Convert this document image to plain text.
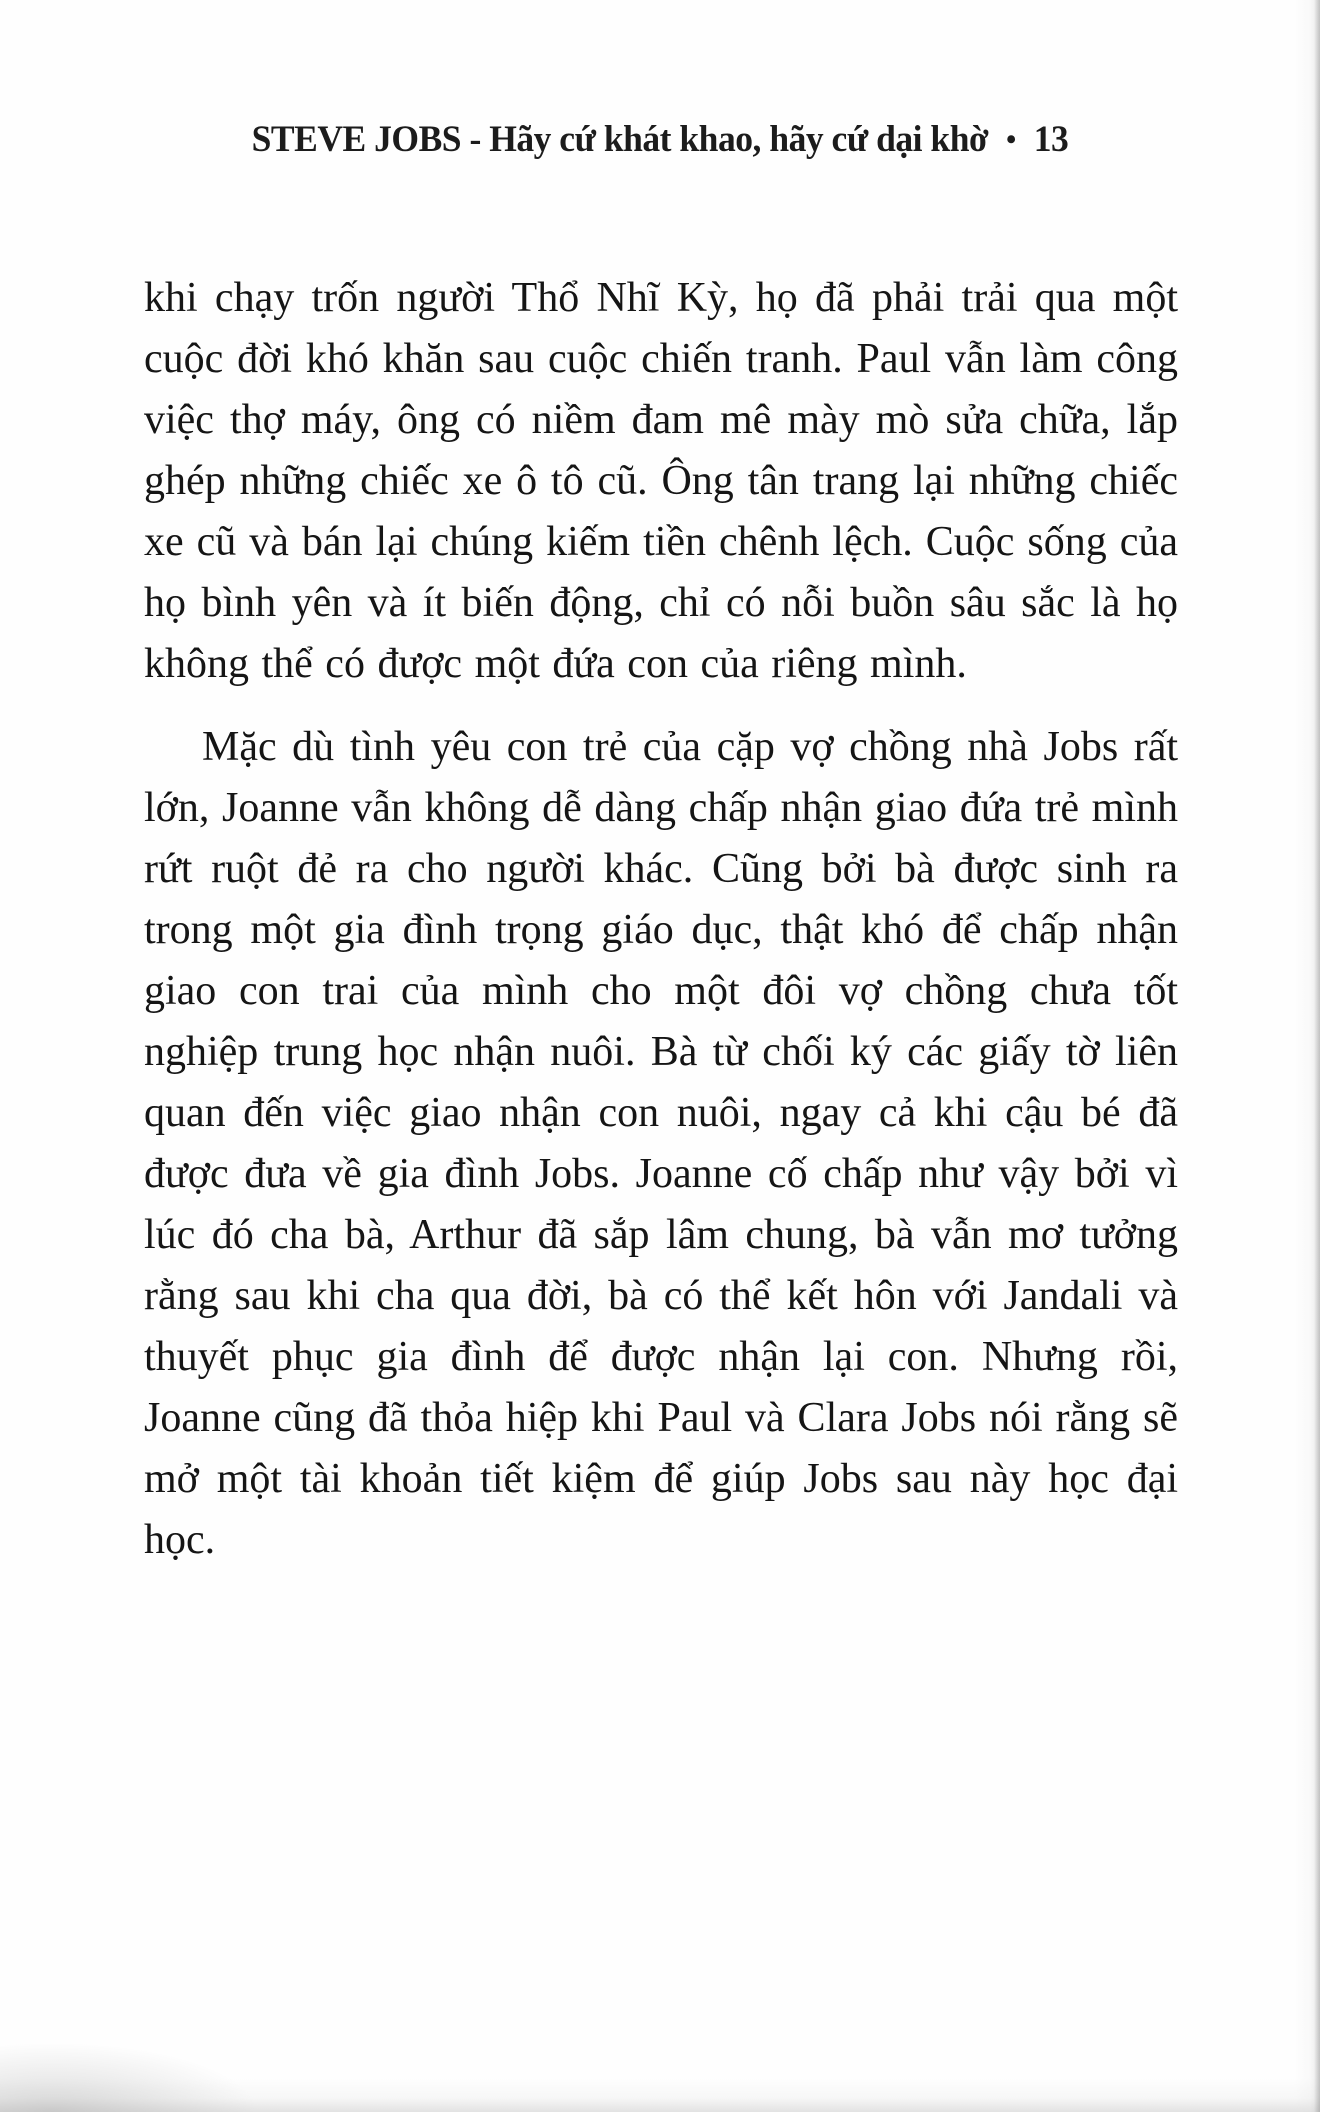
STEVE JOBS - Hãy cứ khát khao, hãy cứ dại khờ • 13

khi chạy trốn người Thổ Nhĩ Kỳ, họ đã phải trải qua một cuộc đời khó khăn sau cuộc chiến tranh. Paul vẫn làm công việc thợ máy, ông có niềm đam mê mày mò sửa chữa, lắp ghép những chiếc xe ô tô cũ. Ông tân trang lại những chiếc xe cũ và bán lại chúng kiếm tiền chênh lệch. Cuộc sống của họ bình yên và ít biến động, chỉ có nỗi buồn sâu sắc là họ không thể có được một đứa con của riêng mình.

Mặc dù tình yêu con trẻ của cặp vợ chồng nhà Jobs rất lớn, Joanne vẫn không dễ dàng chấp nhận giao đứa trẻ mình rứt ruột đẻ ra cho người khác. Cũng bởi bà được sinh ra trong một gia đình trọng giáo dục, thật khó để chấp nhận giao con trai của mình cho một đôi vợ chồng chưa tốt nghiệp trung học nhận nuôi. Bà từ chối ký các giấy tờ liên quan đến việc giao nhận con nuôi, ngay cả khi cậu bé đã được đưa về gia đình Jobs. Joanne cố chấp như vậy bởi vì lúc đó cha bà, Arthur đã sắp lâm chung, bà vẫn mơ tưởng rằng sau khi cha qua đời, bà có thể kết hôn với Jandali và thuyết phục gia đình để được nhận lại con. Nhưng rồi, Joanne cũng đã thỏa hiệp khi Paul và Clara Jobs nói rằng sẽ mở một tài khoản tiết kiệm để giúp Jobs sau này học đại học.
